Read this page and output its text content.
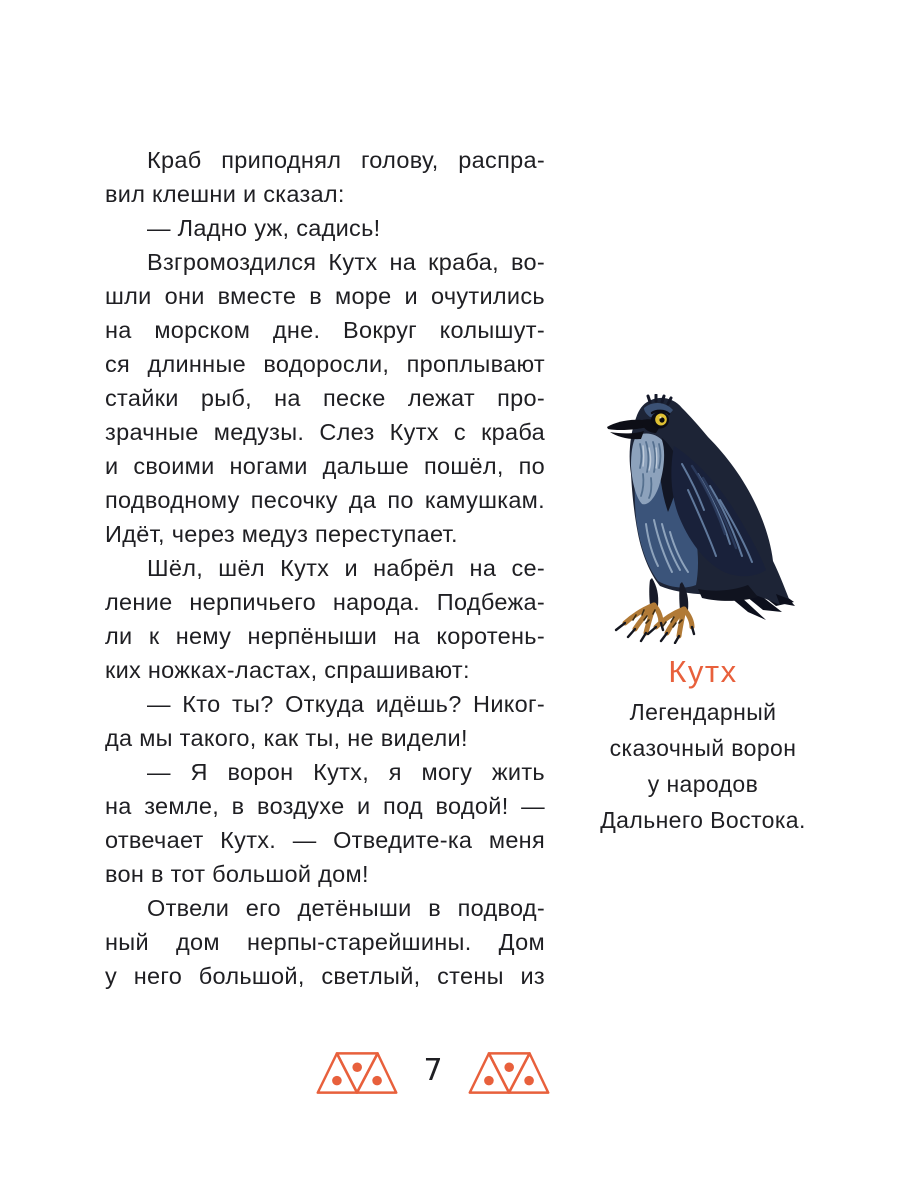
Краб приподнял голову, распра-
вил клешни и сказал:
— Ладно уж, садись!
Взгромоздился Кутх на краба, во-
шли они вместе в море и очутились
на морском дне. Вокруг колышут-
ся длинные водоросли, проплывают
стайки рыб, на песке лежат про-
зрачные медузы. Слез Кутх с краба
и своими ногами дальше пошёл, по
подводному песочку да по камушкам.
Идёт, через медуз переступает.
Шёл, шёл Кутх и набрёл на се-
ление нерпичьего народа. Подбежа-
ли к нему нерпёныши на коротень-
ких ножках-ластах, спрашивают:
— Кто ты? Откуда идёшь? Никог-
да мы такого, как ты, не видели!
— Я ворон Кутх, я могу жить
на земле, в воздухе и под водой! —
отвечает Кутх. — Отведите-ка меня
вон в тот большой дом!
Отвели его детёныши в подвод-
ный дом нерпы-старейшины. Дом
у него большой, светлый, стены из
Кутх
Легендарный
сказочный ворон
у народов
Дальнего Востока.
7
